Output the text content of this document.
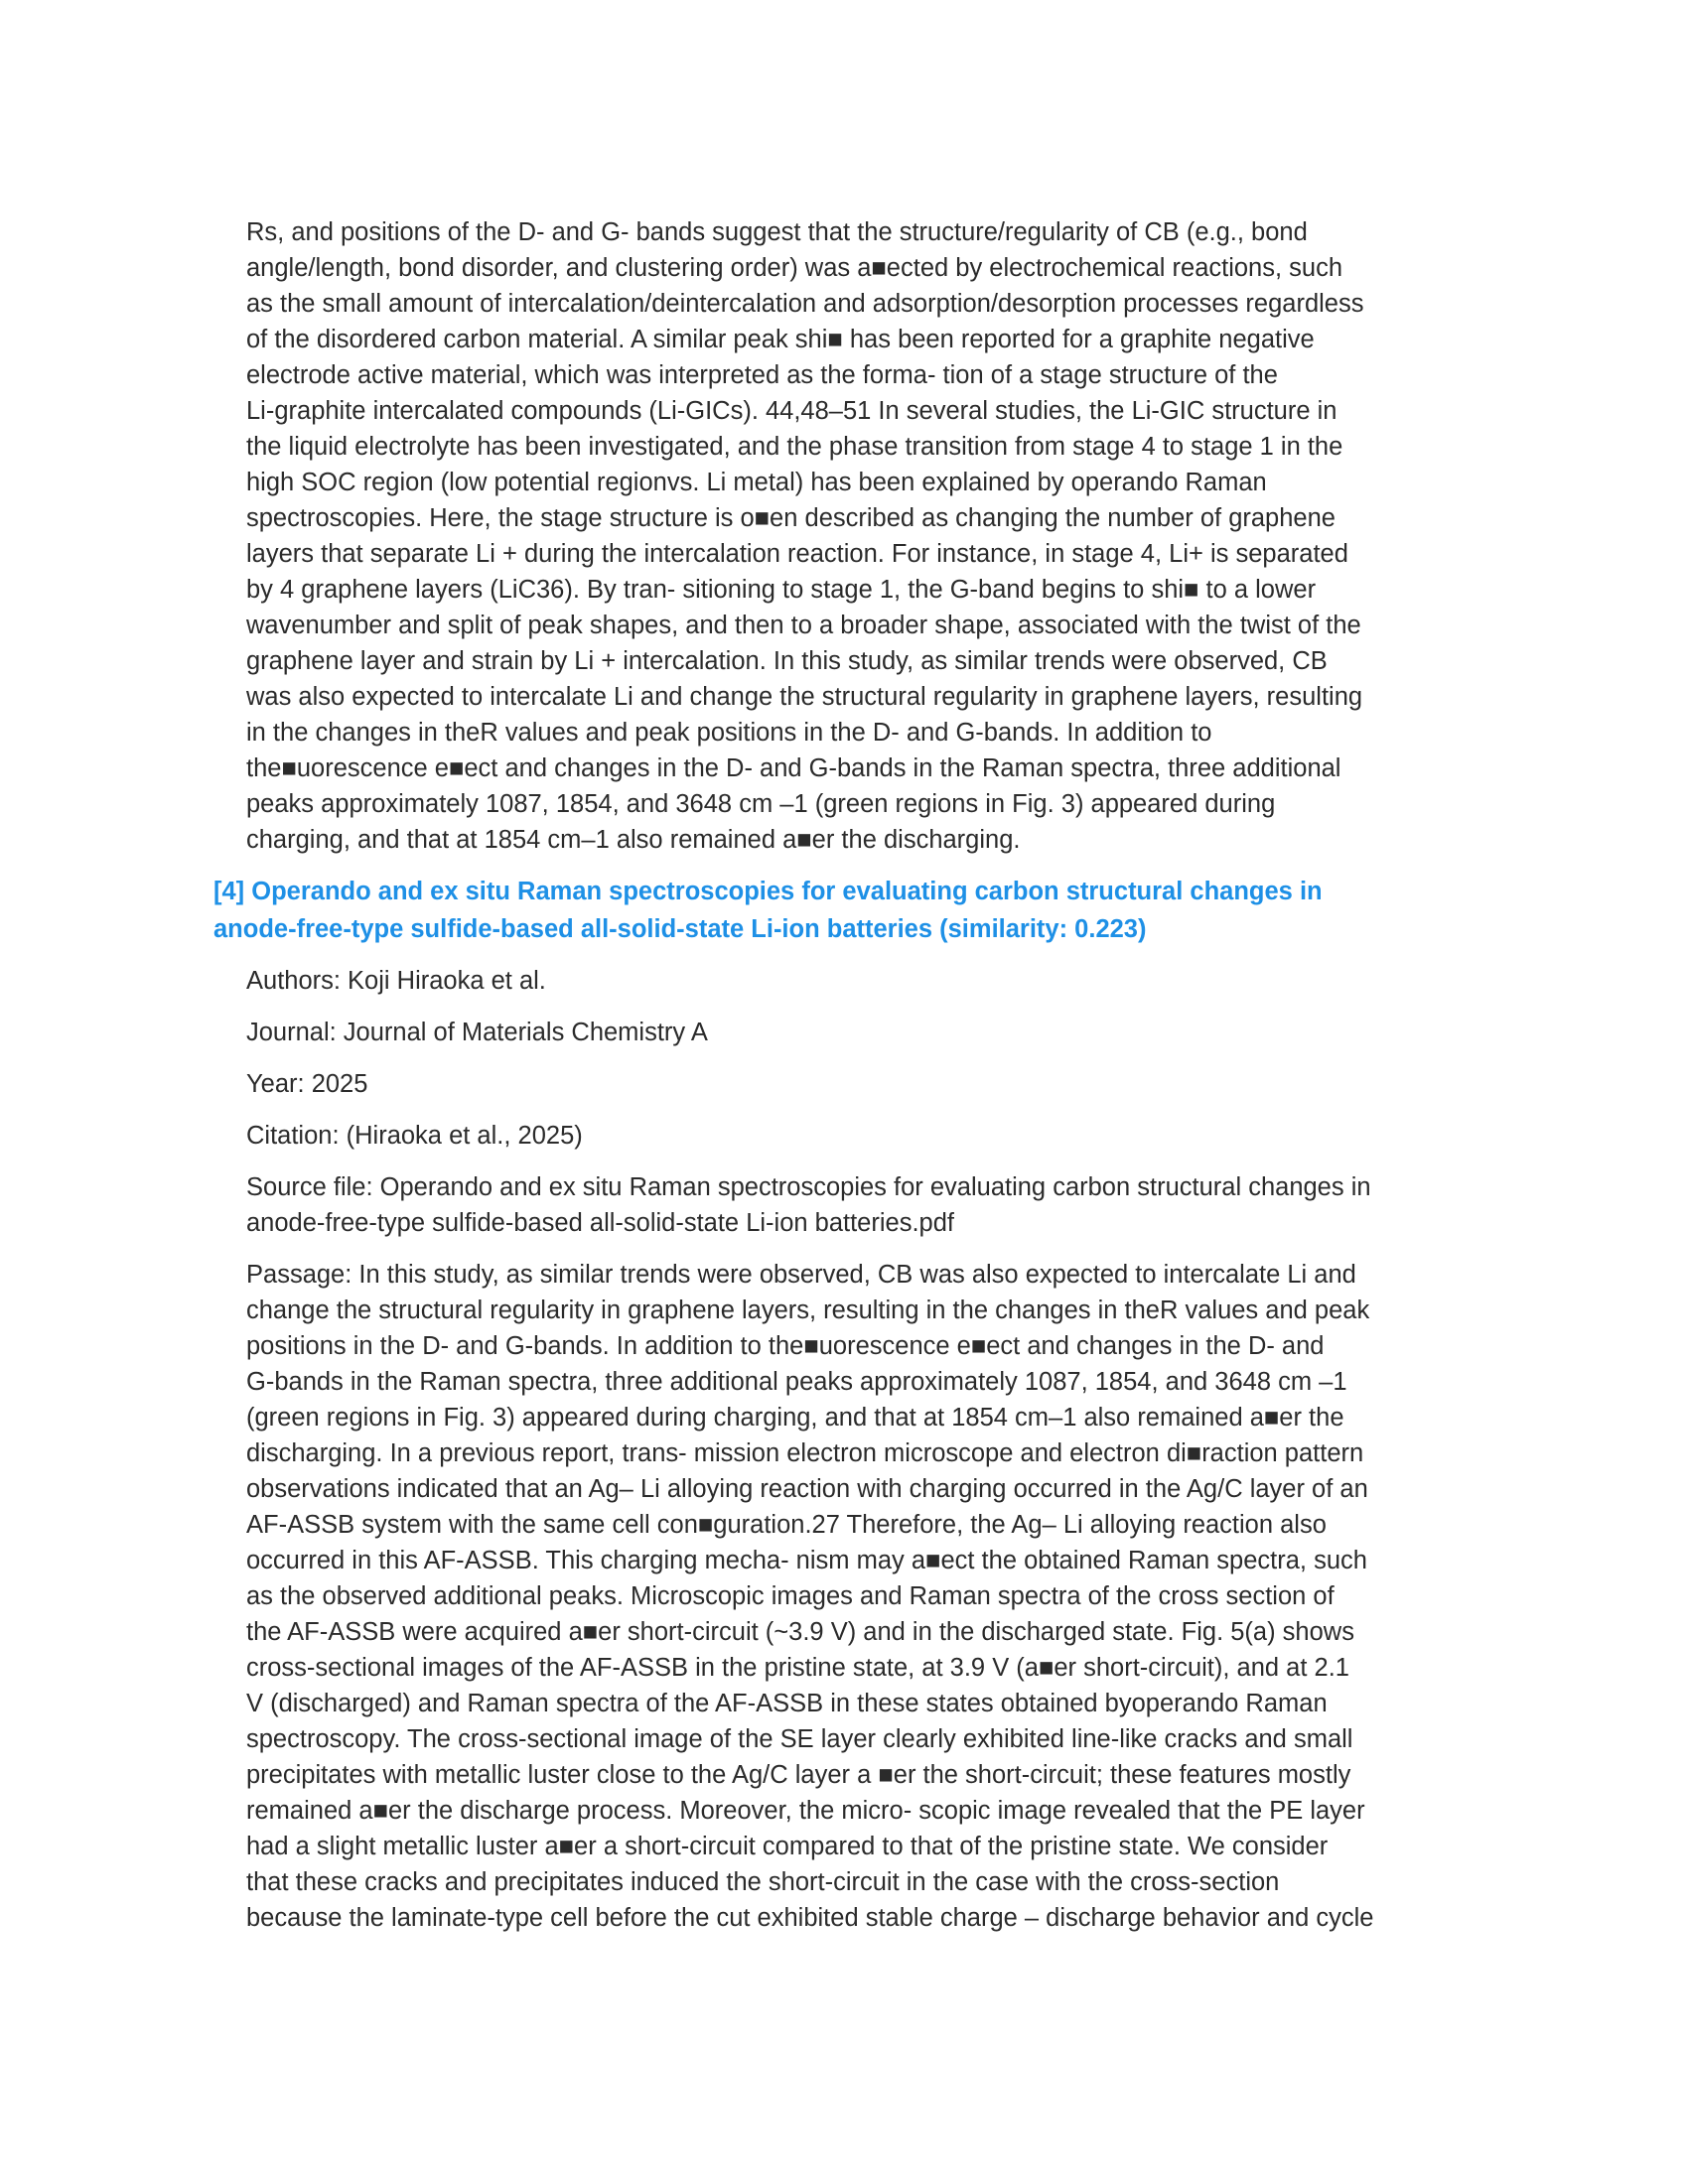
Rs, and positions of the D- and G- bands suggest that the structure/regularity of CB (e.g., bond
angle/length, bond disorder, and clustering order) was a■ected by electrochemical reactions, such
as the small amount of intercalation/deintercalation and adsorption/desorption processes regardless
of the disordered carbon material. A similar peak shi■ has been reported for a graphite negative
electrode active material, which was interpreted as the forma- tion of a stage structure of the
Li-graphite intercalated compounds (Li-GICs). 44,48–51 In several studies, the Li-GIC structure in
the liquid electrolyte has been investigated, and the phase transition from stage 4 to stage 1 in the
high SOC region (low potential regionvs. Li metal) has been explained by operando Raman
spectroscopies. Here, the stage structure is o■en described as changing the number of graphene
layers that separate Li + during the intercalation reaction. For instance, in stage 4, Li+ is separated
by 4 graphene layers (LiC36). By tran- sitioning to stage 1, the G-band begins to shi■ to a lower
wavenumber and split of peak shapes, and then to a broader shape, associated with the twist of the
graphene layer and strain by Li + intercalation. In this study, as similar trends were observed, CB
was also expected to intercalate Li and change the structural regularity in graphene layers, resulting
in the changes in theR values and peak positions in the D- and G-bands. In addition to
the■uorescence e■ect and changes in the D- and G-bands in the Raman spectra, three additional
peaks approximately 1087, 1854, and 3648 cm –1 (green regions in Fig. 3) appeared during
charging, and that at 1854 cm–1 also remained a■er the discharging.

[4] Operando and ex situ Raman spectroscopies for evaluating carbon structural changes in
anode-free-type sulfide-based all-solid-state Li-ion batteries (similarity: 0.223)

Authors: Koji Hiraoka et al.

Journal: Journal of Materials Chemistry A

Year: 2025

Citation: (Hiraoka et al., 2025)

Source file: Operando and ex situ Raman spectroscopies for evaluating carbon structural changes in
anode-free-type sulfide-based all-solid-state Li-ion batteries.pdf

Passage: In this study, as similar trends were observed, CB was also expected to intercalate Li and
change the structural regularity in graphene layers, resulting in the changes in theR values and peak
positions in the D- and G-bands. In addition to the■uorescence e■ect and changes in the D- and
G-bands in the Raman spectra, three additional peaks approximately 1087, 1854, and 3648 cm –1
(green regions in Fig. 3) appeared during charging, and that at 1854 cm–1 also remained a■er the
discharging. In a previous report, trans- mission electron microscope and electron di■raction pattern
observations indicated that an Ag– Li alloying reaction with charging occurred in the Ag/C layer of an
AF-ASSB system with the same cell con■guration.27 Therefore, the Ag– Li alloying reaction also
occurred in this AF-ASSB. This charging mecha- nism may a■ect the obtained Raman spectra, such
as the observed additional peaks. Microscopic images and Raman spectra of the cross section of
the AF-ASSB were acquired a■er short-circuit (~3.9 V) and in the discharged state. Fig. 5(a) shows
cross-sectional images of the AF-ASSB in the pristine state, at 3.9 V (a■er short-circuit), and at 2.1
V (discharged) and Raman spectra of the AF-ASSB in these states obtained byoperando Raman
spectroscopy. The cross-sectional image of the SE layer clearly exhibited line-like cracks and small
precipitates with metallic luster close to the Ag/C layer a ■er the short-circuit; these features mostly
remained a■er the discharge process. Moreover, the micro- scopic image revealed that the PE layer
had a slight metallic luster a■er a short-circuit compared to that of the pristine state. We consider
that these cracks and precipitates induced the short-circuit in the case with the cross-section
because the laminate-type cell before the cut exhibited stable charge – discharge behavior and cycle
